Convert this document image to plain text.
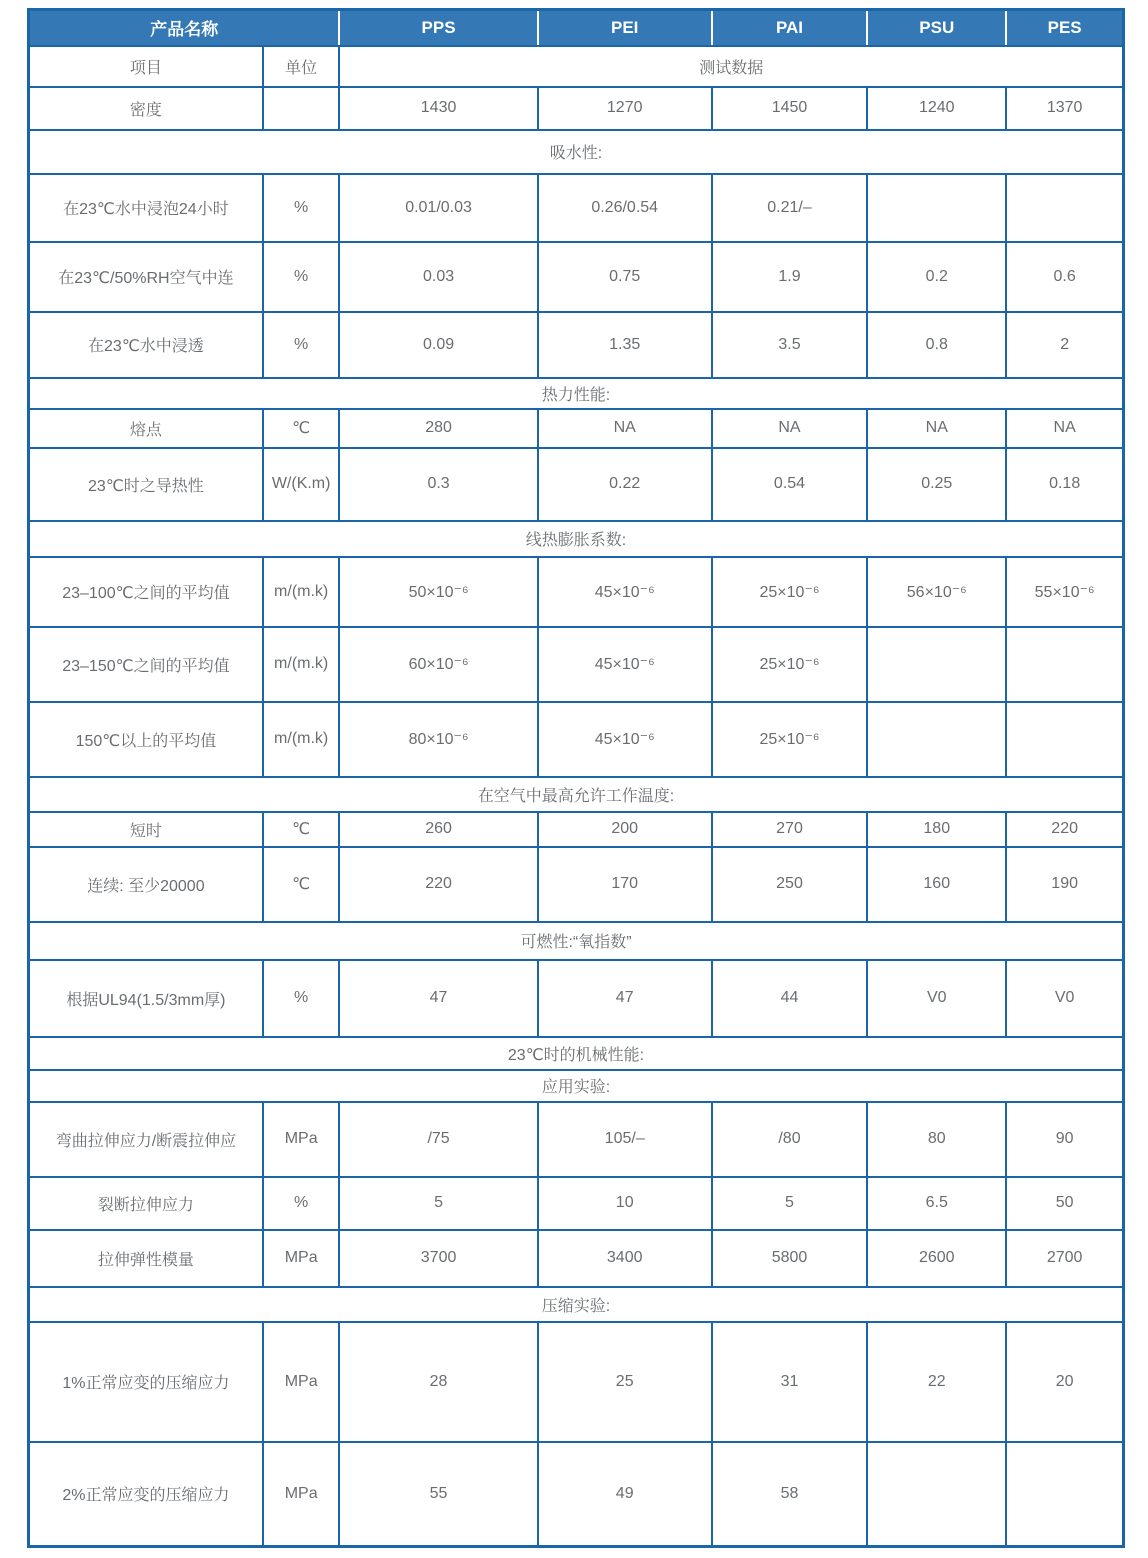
产品名称		PPS	PEI	PAI	PSU	PES
项目	单位	测试数据				
密度		1430	1270	1450	1240	1370
吸水性:						
在23℃水中浸泡24小时	%	0.01/0.03	0.26/0.54	0.21/–		
在23℃/50%RH空气中连	%	0.03	0.75	1.9	0.2	0.6
在23℃水中浸透	%	0.09	1.35	3.5	0.8	2
热力性能:						
熔点	℃	280	NA	NA	NA	NA
23℃时之导热性	W/(K.m)	0.3	0.22	0.54	0.25	0.18
线热膨胀系数:						
23–100℃之间的平均值	m/(m.k)	50×10⁻⁶	45×10⁻⁶	25×10⁻⁶	56×10⁻⁶	55×10⁻⁶
23–150℃之间的平均值	m/(m.k)	60×10⁻⁶	45×10⁻⁶	25×10⁻⁶		
150℃以上的平均值	m/(m.k)	80×10⁻⁶	45×10⁻⁶	25×10⁻⁶		
在空气中最高允许工作温度:						
短时	℃	260	200	270	180	220
连续: 至少20000	℃	220	170	250	160	190
可燃性:“氧指数”						
根据UL94(1.5/3mm厚)	%	47	47	44	V0	V0
23℃时的机械性能:						
应用实验:						
弯曲拉伸应力/断震拉伸应	MPa	/75	105/–	/80	80	90
裂断拉伸应力	%	5	10	5	6.5	50
拉伸弹性模量	MPa	3700	3400	5800	2600	2700
压缩实验:						
1%正常应变的压缩应力	MPa	28	25	31	22	20
2%正常应变的压缩应力	MPa	55	49	58		
